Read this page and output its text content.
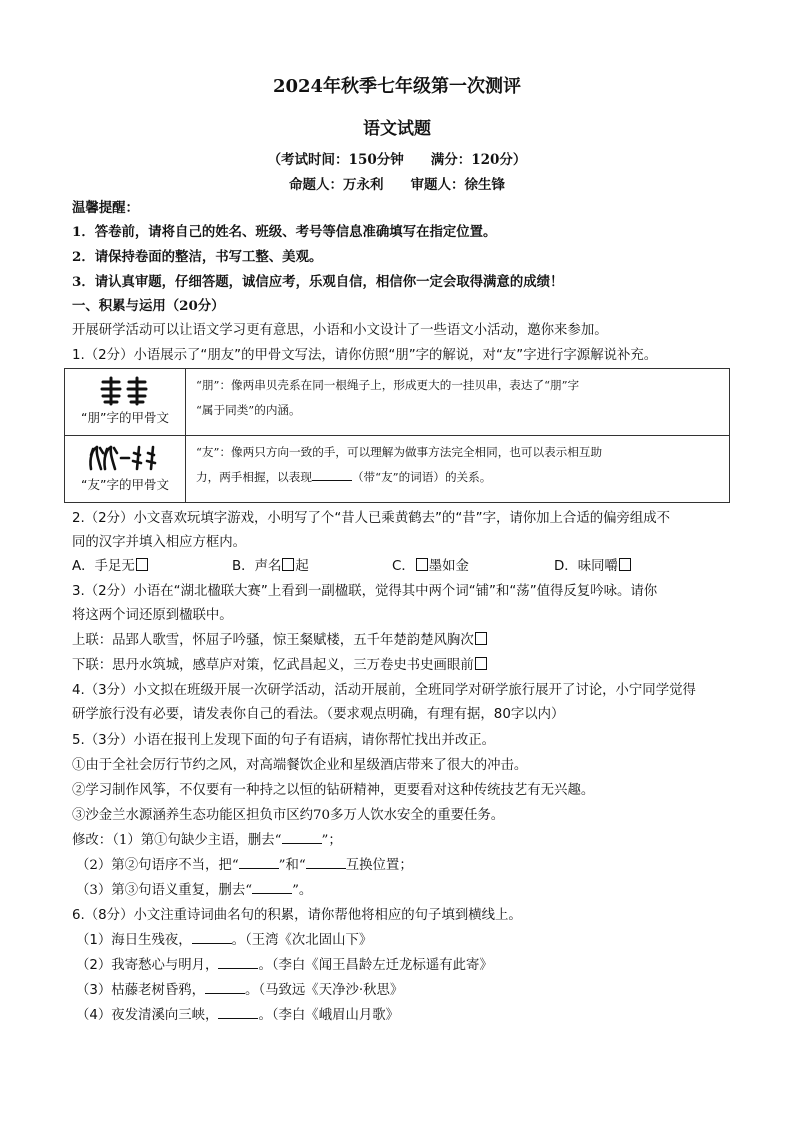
2024年秋季七年级第一次测评
语文试题
（考试时间：150分钟　　满分：120分）
命题人：万永利　　审题人：徐生锋
温馨提醒：
1．答卷前，请将自己的姓名、班级、考号等信息准确填写在指定位置。
2．请保持卷面的整洁，书写工整、美观。
3．请认真审题，仔细答题，诚信应考，乐观自信，相信你一定会取得满意的成绩！
一、积累与运用（20分）
开展研学活动可以让语文学习更有意思，小语和小文设计了一些语文小活动，邀你来参加。
1.（2分）小语展示了“朋友”的甲骨文写法，请你仿照“朋”字的解说，对“友”字进行字源解说补充。
“朋”字的甲骨文	“朋”：像两串贝壳系在同一根绳子上，形成更大的一挂贝串，表达了“朋”字
“属于同类”的内涵。

“友”字的甲骨文	“友”：像两只方向一致的手，可以理解为做事方法完全相同，也可以表示相互助
力，两手相握，以表现 （带“友”的词语）的关系。
2.（2分）小文喜欢玩填字游戏，小明写了个“昔人已乘黄鹤去”的“昔”字，请你加上合适的偏旁组成不
同的汉字并填入相应方框内。
A．手足无	B．声名 起	C． 墨如金	D．味同嚼
3.（2分）小语在“湖北楹联大赛”上看到一副楹联，觉得其中两个词“铺”和“荡”值得反复吟咏。请你
将这两个词还原到楹联中。
上联：品郢人歌雪，怀屈子吟骚，惊王粲赋楼，五千年楚韵楚风胸次
下联：思丹水筑城，感草庐对策，忆武昌起义，三万卷史书史画眼前
4.（3分）小文拟在班级开展一次研学活动，活动开展前，全班同学对研学旅行展开了讨论，小宁同学觉得
研学旅行没有必要，请发表你自己的看法。（要求观点明确，有理有据，80字以内）
5.（3分）小语在报刊上发现下面的句子有语病，请你帮忙找出并改正。
①由于全社会厉行节约之风，对高端餐饮企业和星级酒店带来了很大的冲击。
②学习制作风筝，不仅要有一种持之以恒的钻研精神，更要看对这种传统技艺有无兴趣。
③沙金兰水源涵养生态功能区担负市区约70多万人饮水安全的重要任务。
修改：（1）第①句缺少主语，删去“	”；
（2）第②句语序不当，把“	”和“	互换位置；
（3）第③句语义重复，删去“	”。
6.（8分）小文注重诗词曲名句的积累，请你帮他将相应的句子填到横线上。
（1）海日生残夜，	。（王湾《次北固山下》
（2）我寄愁心与明月，	。（李白《闻王昌龄左迁龙标遥有此寄》
（3）枯藤老树昏鸦，	。（马致远《天净沙·秋思》
（4）夜发清溪向三峡，	。（李白《峨眉山月歌》
